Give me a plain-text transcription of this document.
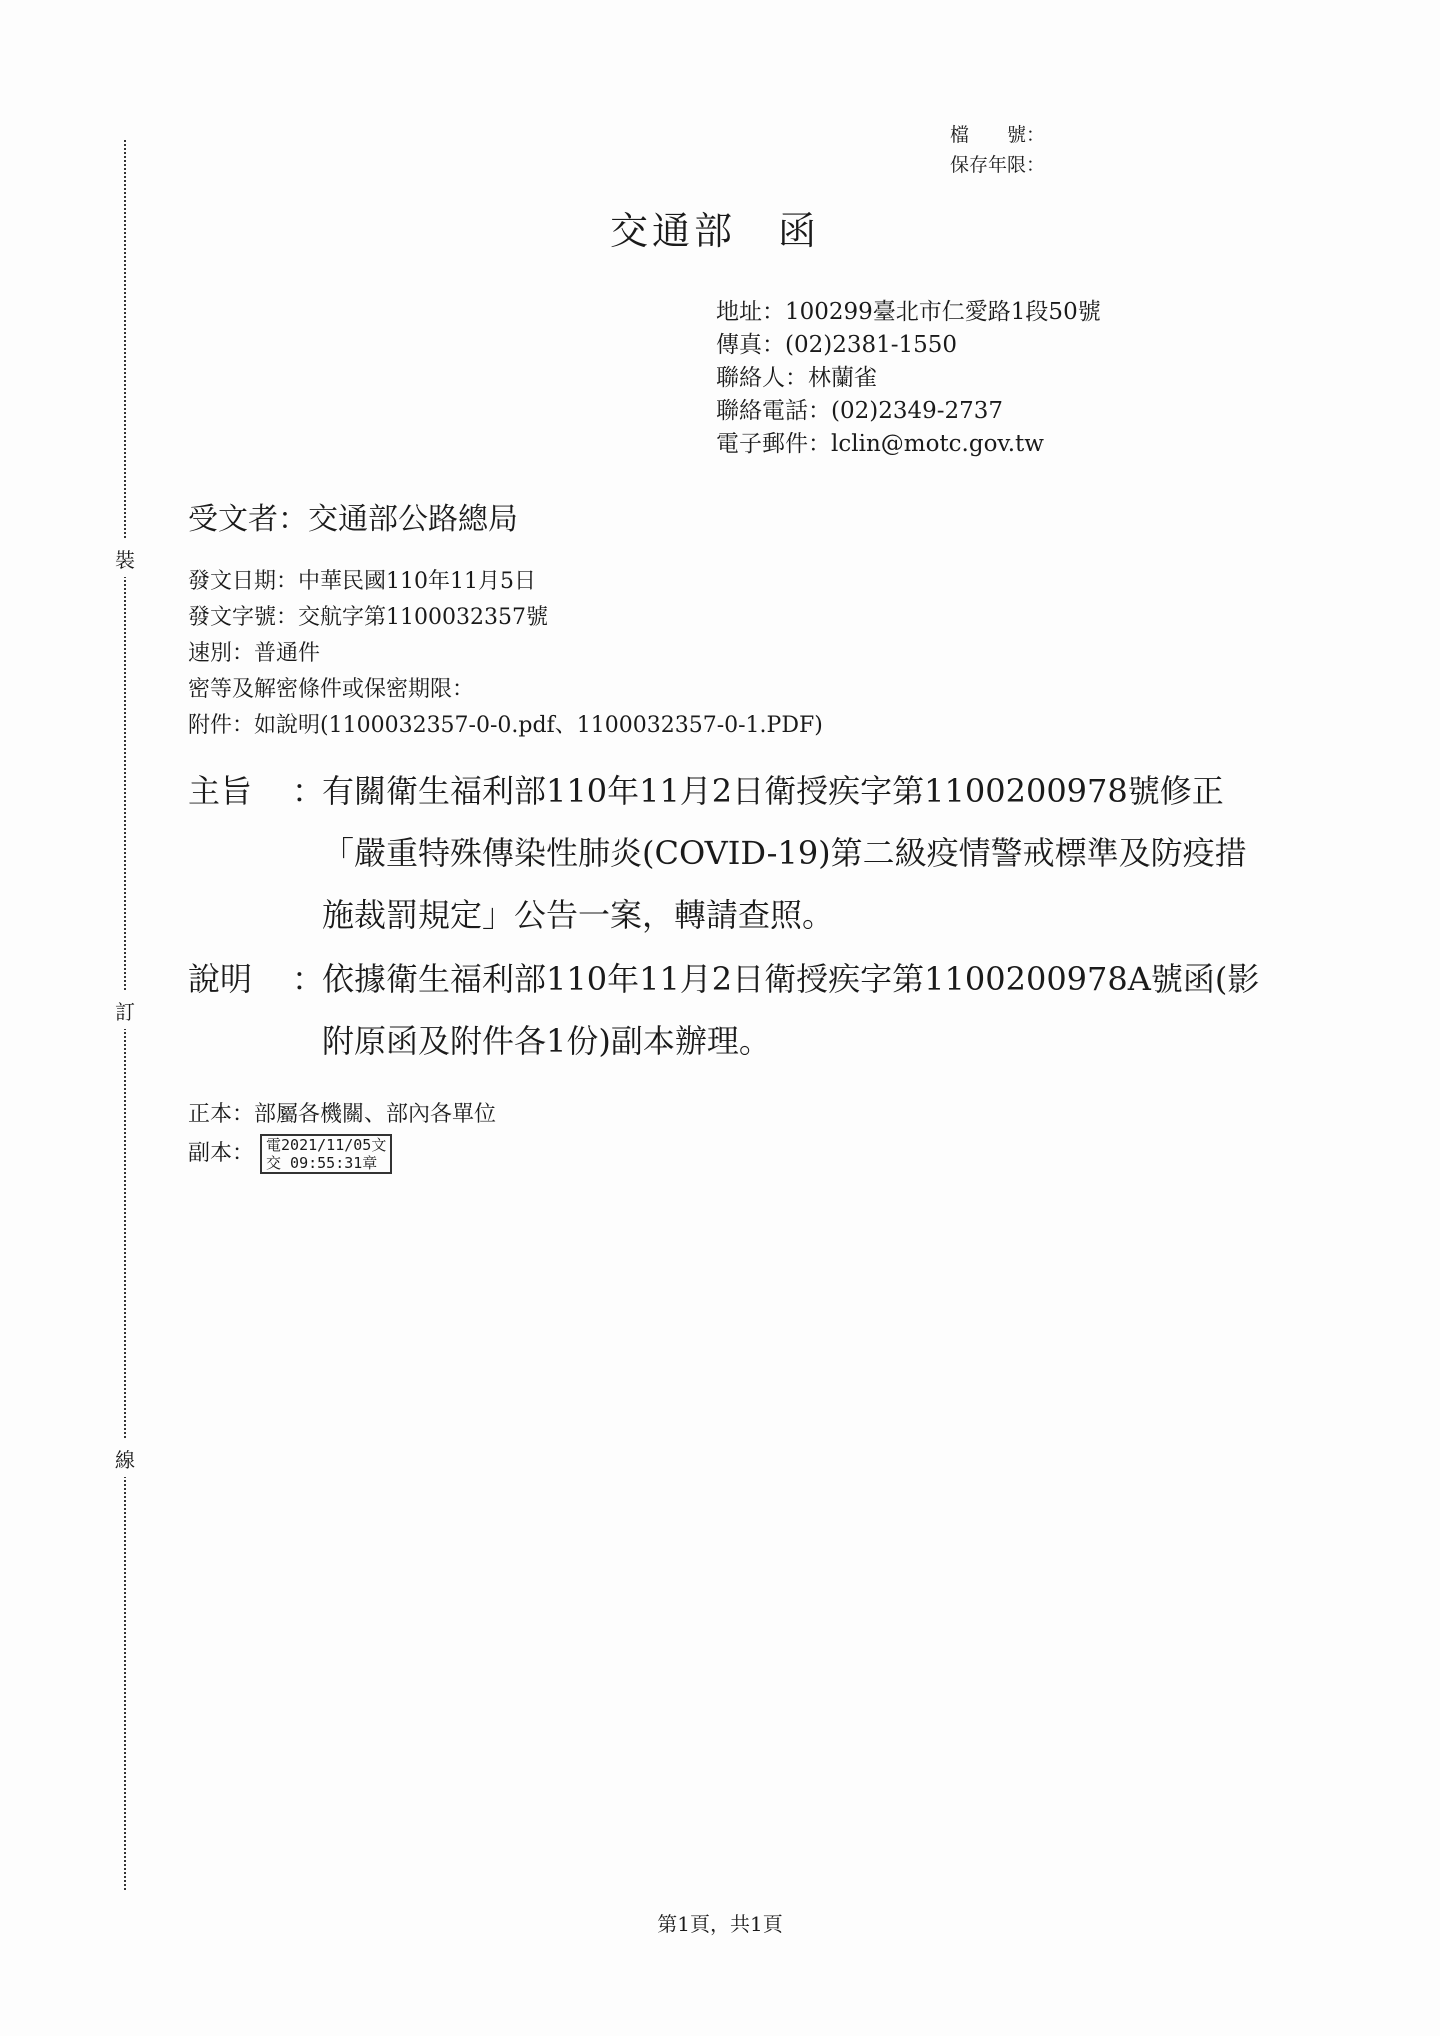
裝
訂
線
檔　　號：
保存年限：
交通部　函
地址：100299臺北市仁愛路1段50號
傳真：(02)2381-1550
聯絡人：林蘭雀
聯絡電話：(02)2349-2737
電子郵件：lclin@motc.gov.tw
受文者：交通部公路總局
發文日期：中華民國110年11月5日
發文字號：交航字第1100032357號
速別：普通件
密等及解密條件或保密期限：
附件：如說明(1100032357-0-0.pdf、1100032357-0-1.PDF)
主旨	：
有關衛生福利部110年11月2日衛授疾字第1100200978號修正「嚴重特殊傳染性肺炎(COVID-19)第二級疫情警戒標準及防疫措施裁罰規定」公告一案，轉請查照。
說明	：
依據衛生福利部110年11月2日衛授疾字第1100200978A號函(影附原函及附件各1份)副本辦理。
正本：部屬各機關、部內各單位
副本： 電2021/11/05文
交 09:55:31章
第1頁，共1頁
